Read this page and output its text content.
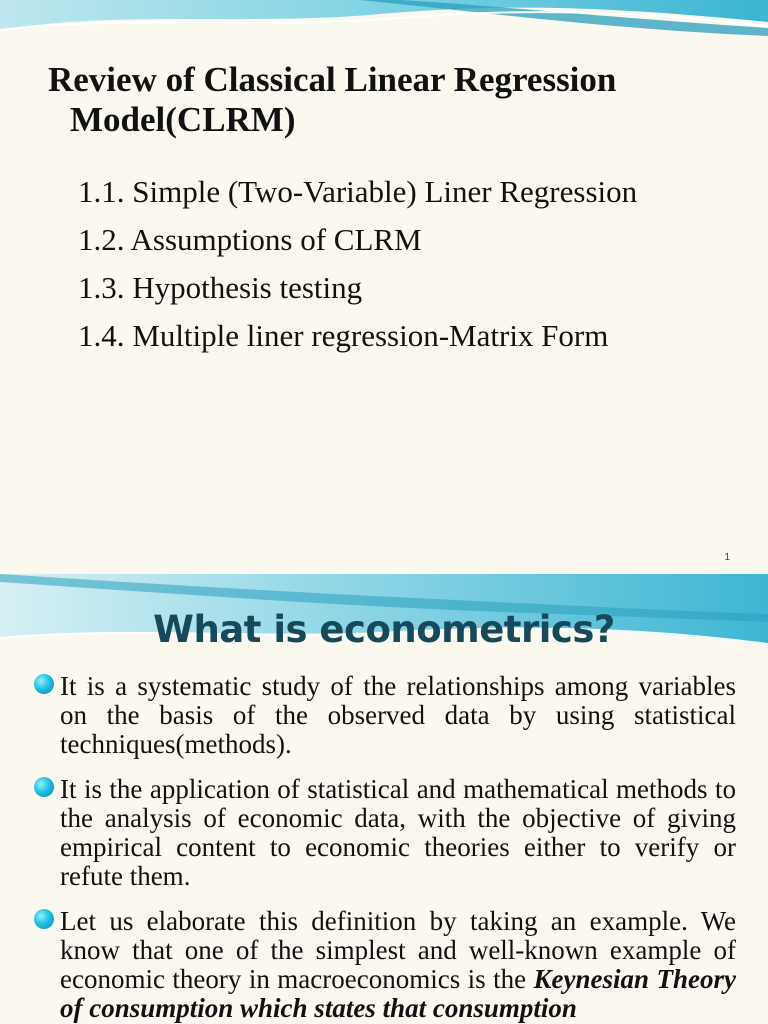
Review of Classical Linear Regression
Model(CLRM)
1.1. Simple (Two-Variable) Liner Regression
1.2. Assumptions of CLRM
1.3. Hypothesis testing
1.4. Multiple liner regression-Matrix Form
1
What is econometrics?
It is a systematic study of the relationships among variables on the basis of the observed data by using statistical techniques(methods).
It is the application of statistical and mathematical methods to the analysis of economic data, with the objective of giving empirical content to economic theories either to verify or refute them.
Let us elaborate this definition by taking an example. We know that one of the simplest and well-known example of economic theory in macroeconomics is the Keynesian Theory of consumption which states that consumption
